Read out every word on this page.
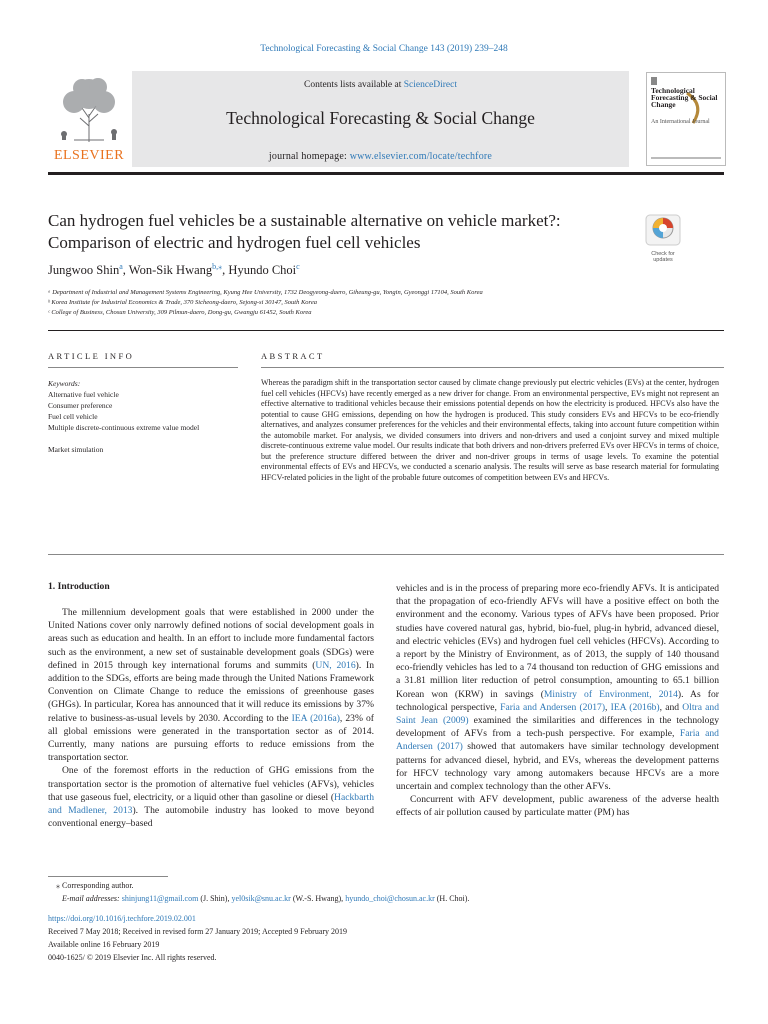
Technological Forecasting & Social Change 143 (2019) 239–248
ELSEVIER
Contents lists available at ScienceDirect
Technological Forecasting & Social Change
journal homepage: www.elsevier.com/locate/techfore
Technological Forecasting & Social Change
An International Journal
Can hydrogen fuel vehicles be a sustainable alternative on vehicle market?: Comparison of electric and hydrogen fuel cell vehicles
Check for updates
Jungwoo Shin$^a$, Won-Sik Hwang$^{b,⁎}$, Hyundo Choi$^c$
ᵃ Department of Industrial and Management Systems Engineering, Kyung Hee University, 1732 Deogyeong-daero, Giheung-gu, Yongin, Gyeonggi 17104, South Korea
ᵇ Korea Institute for Industrial Economics & Trade, 370 Sicheong-daero, Sejong-si 30147, South Korea
ᶜ College of Business, Chosun University, 309 Pilmun-daero, Dong-gu, Gwangju 61452, South Korea
ARTICLE INFO	ABSTRACT
Keywords:
Alternative fuel vehicle
Consumer preference
Fuel cell vehicle
Multiple discrete-continuous extreme value model
Market simulation
Whereas the paradigm shift in the transportation sector caused by climate change previously put electric vehicles (EVs) at the center, hydrogen fuel cell vehicles (HFCVs) have recently emerged as a new driver for change. From an environmental perspective, EVs might not represent an effective alternative to traditional vehicles because their emissions potential depends on how the electricity is produced. HFCVs also have the potential to cause GHG emissions, depending on how the hydrogen is produced. This study considers EVs and HFCVs to be eco-friendly alternatives, and analyzes consumer preferences for the vehicles and their environmental effects, taking into account future competition within the automobile market. For analysis, we divided consumers into drivers and non-drivers and used a conjoint survey and mixed multiple discrete-continuous extreme value model. Our results indicate that both drivers and non-drivers preferred EVs over HFCVs in terms of choice, but the preference structure differed between the driver and non-driver groups in terms of usage levels. To examine the potential environmental effects of EVs and HFCVs, we conducted a scenario analysis. The results will serve as base research material for formulating HFCV-related policies in the light of the probable future outcomes of competition between EVs and HFCVs.
1. Introduction

The millennium development goals that were established in 2000 under the United Nations cover only narrowly defined notions of social development goals in areas such as education and health. In an effort to include more fundamental factors such as the environment, a new set of sustainable development goals (SDGs) were defined in 2015 through key international forums and summits (UN, 2016). In addition to the SDGs, efforts are being made through the United Nations Framework Convention on Climate Change to reduce the emissions of greenhouse gases (GHGs). In particular, Korea has announced that it will reduce its emissions by 37% relative to business-as-usual levels by 2030. According to the IEA (2016a), 23% of all global emissions were generated in the transportation sector as of 2014. Currently, many nations are pursuing efforts to reduce emissions from the transportation sector.

One of the foremost efforts in the reduction of GHG emissions from the transportation sector is the promotion of alternative fuel vehicles (AFVs), vehicles that use gaseous fuel, electricity, or a liquid other than gasoline or diesel (Hackbarth and Madlener, 2013). The automobile industry has looked to move beyond conventional energy–based

vehicles and is in the process of preparing more eco-friendly AFVs. It is anticipated that the propagation of eco-friendly AFVs will have a positive effect on both the environment and the economy. Various types of AFVs have been proposed. Prior studies have covered natural gas, hybrid, bio-fuel, plug-in hybrid, advanced diesel, and electric vehicles (EVs) and hydrogen fuel cell vehicles (HFCVs). According to a report by the Ministry of Environment, as of 2013, the supply of 140 thousand eco-friendly vehicles has led to a 74 thousand ton reduction of GHG emissions and a 31.81 million liter reduction of petrol consumption, amounting to 65.1 billion Korean won (KRW) in savings (Ministry of Environment, 2014). As for technological perspective, Faria and Andersen (2017), IEA (2016b), and Oltra and Saint Jean (2009) examined the similarities and differences in the technology development of AFVs from a tech-push perspective. For example, Faria and Andersen (2017) showed that automakers have similar technology development patterns for advanced diesel, hybrid, and EVs, whereas the development patterns for HFCV technology vary among automakers because HFCVs are a more uncertain and complex technology than the other AFVs.

Concurrent with AFV development, public awareness of the adverse health effects of air pollution caused by particulate matter (PM) has

⁎ Corresponding author.
E-mail addresses: shinjung11@gmail.com (J. Shin), yel0sik@snu.ac.kr (W.-S. Hwang), hyundo_choi@chosun.ac.kr (H. Choi).
https://doi.org/10.1016/j.techfore.2019.02.001
Received 7 May 2018; Received in revised form 27 January 2019; Accepted 9 February 2019
Available online 16 February 2019
0040-1625/ © 2019 Elsevier Inc. All rights reserved.
